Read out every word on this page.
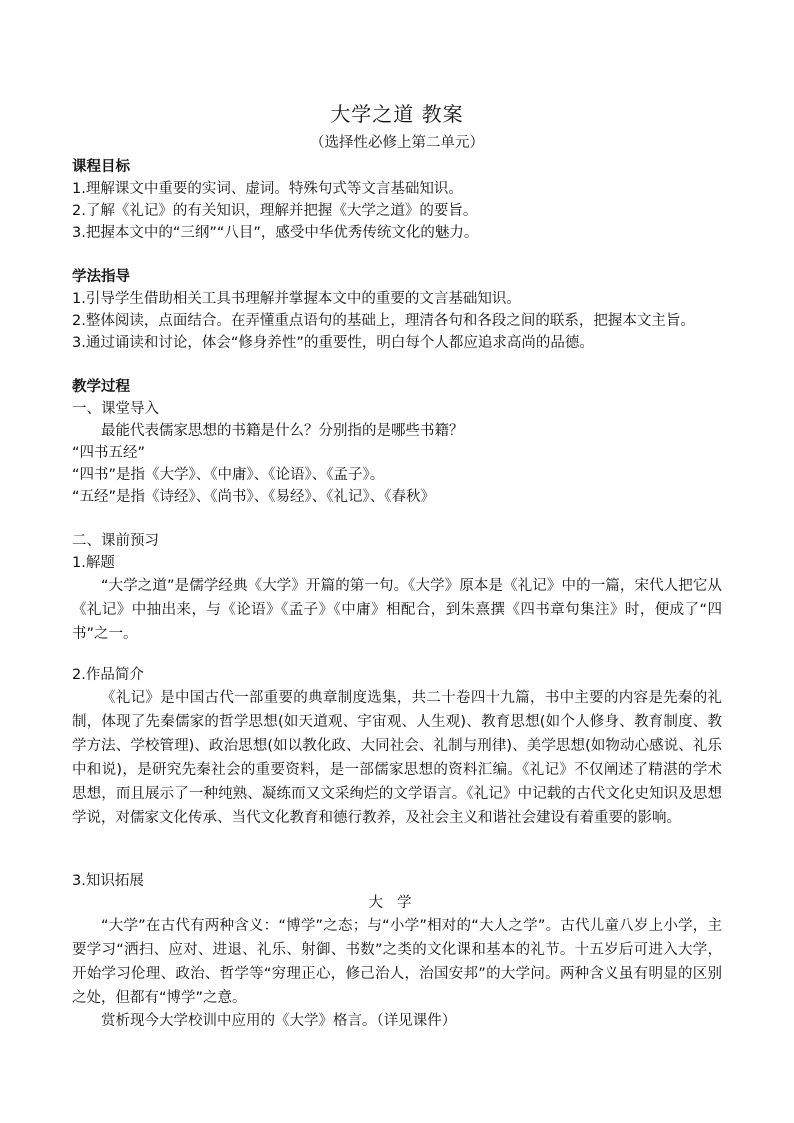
大学之道 教案
（选择性必修上第二单元）
课程目标
1.理解课文中重要的实词、虚词。特殊句式等文言基础知识。
2.了解《礼记》的有关知识，理解并把握《大学之道》的要旨。
3.把握本文中的“三纲”“八目”，感受中华优秀传统文化的魅力。
学法指导
1.引导学生借助相关工具书理解并掌握本文中的重要的文言基础知识。
2.整体阅读，点面结合。在弄懂重点语句的基础上，理清各句和各段之间的联系，把握本文主旨。
3.通过诵读和讨论，体会“修身养性”的重要性，明白每个人都应追求高尚的品德。
教学过程
一、课堂导入
最能代表儒家思想的书籍是什么？分别指的是哪些书籍？
“四书五经”
“四书”是指《大学》、《中庸》、《论语》、《孟子》。
“五经”是指《诗经》、《尚书》、《易经》、《礼记》、《春秋》
二、课前预习
1.解题
“大学之道”是儒学经典《大学》开篇的第一句。《大学》原本是《礼记》中的一篇，宋代人把它从《礼记》中抽出来，与《论语》《孟子》《中庸》相配合，到朱熹撰《四书章句集注》时，便成了“四书”之一。
2.作品简介
《礼记》是中国古代一部重要的典章制度选集，共二十卷四十九篇，书中主要的内容是先秦的礼制，体现了先秦儒家的哲学思想(如天道观、宇宙观、人生观)、教育思想(如个人修身、教育制度、教学方法、学校管理)、政治思想(如以教化政、大同社会、礼制与刑律)、美学思想(如物动心感说、礼乐中和说)，是研究先秦社会的重要资料，是一部儒家思想的资料汇编。《礼记》不仅阐述了精湛的学术思想，而且展示了一种纯熟、凝练而又文采绚烂的文学语言。《礼记》中记载的古代文化史知识及思想学说，对儒家文化传承、当代文化教育和德行教养，及社会主义和谐社会建设有着重要的影响。
3.知识拓展
大学
“大学”在古代有两种含义：“博学”之态；与“小学”相对的“大人之学”。古代儿童八岁上小学，主要学习“洒扫、应对、进退、礼乐、射御、书数”之类的文化课和基本的礼节。十五岁后可进入大学，开始学习伦理、政治、哲学等“穷理正心，修己治人，治国安邦”的大学问。两种含义虽有明显的区别之处，但都有“博学”之意。
赏析现今大学校训中应用的《大学》格言。（详见课件）
